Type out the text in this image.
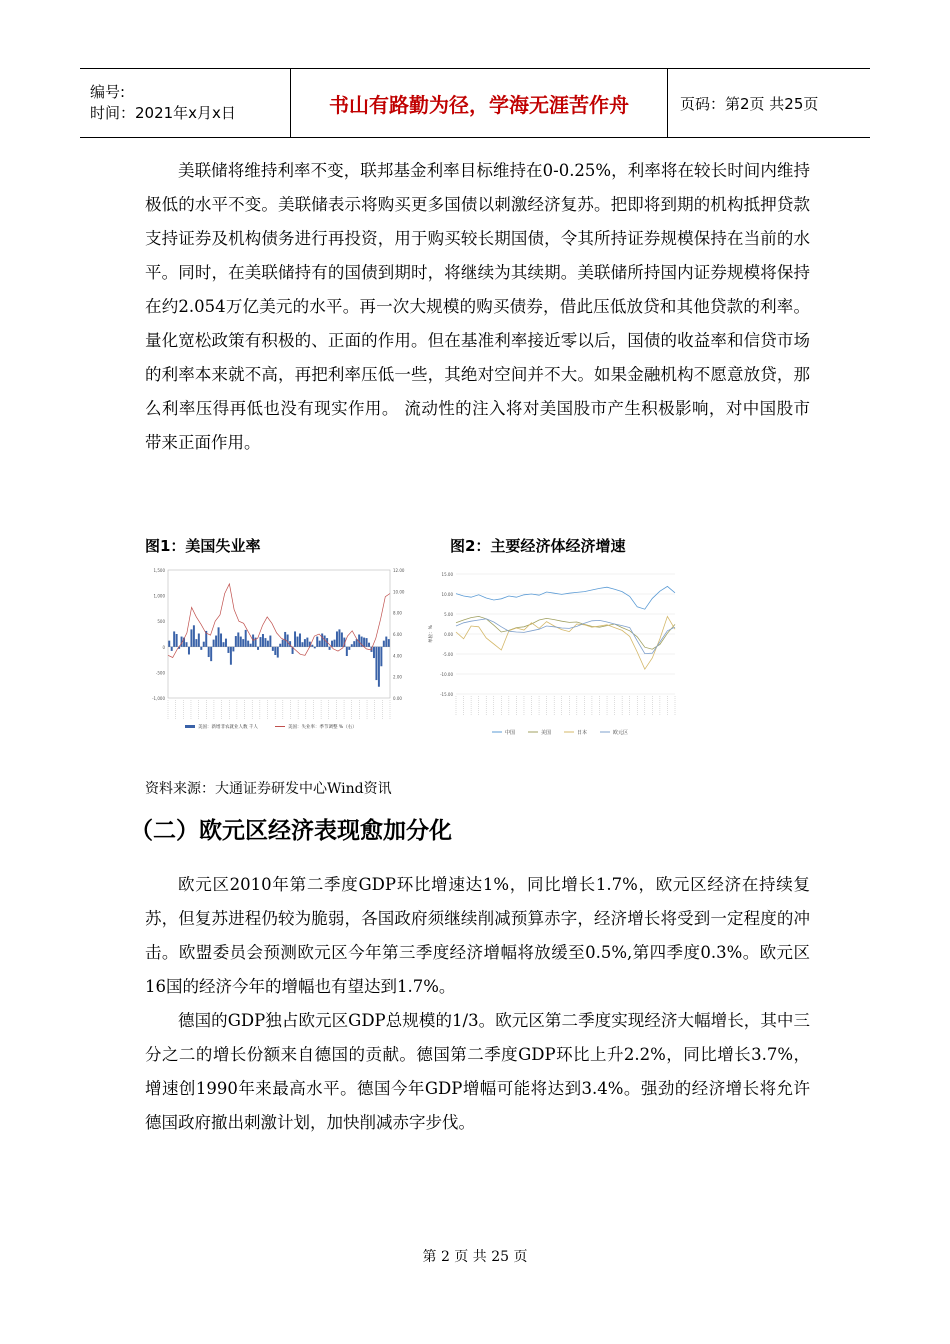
编号:
时间：2021年x月x日	书山有路勤为径，学海无涯苦作舟	页码：第2页 共25页

美联储将维持利率不变，联邦基金利率目标维持在0-0.25%，利率将在较长时间内维持极低的水平不变。美联储表示将购买更多国债以刺激经济复苏。把即将到期的机构抵押贷款支持证券及机构债务进行再投资，用于购买较长期国债，令其所持证券规模保持在当前的水平。同时，在美联储持有的国债到期时，将继续为其续期。美联储所持国内证券规模将保持在约2.054万亿美元的水平。再一次大规模的购买债券，借此压低放贷和其他贷款的利率。量化宽松政策有积极的、正面的作用。但在基准利率接近零以后，国债的收益率和信贷市场的利率本来就不高，再把利率压低一些，其绝对空间并不大。如果金融机构不愿意放贷，那么利率压得再低也没有现实作用。 流动性的注入将对美国股市产生积极影响，对中国股市带来正面作用。

图1：美国失业率	图2：主要经济体经济增速
1,500
1,000
500
0
-500
-1,000
12.00
10.00
8.00
6.00
4.00
2.00
0.00
美国：新增非农就业人数 千人	美国：失业率：季节调整 %（右）
15.00
10.00
5.00
0.00
-5.00
-10.00
-15.00
单位：%
中国	美国	日本	欧元区
资料来源：大通证券研发中心Wind资讯
（二）欧元区经济表现愈加分化

欧元区2010年第二季度GDP环比增速达1%，同比增长1.7%，欧元区经济在持续复苏，但复苏进程仍较为脆弱，各国政府须继续削减预算赤字，经济增长将受到一定程度的冲击。欧盟委员会预测欧元区今年第三季度经济增幅将放缓至0.5%,第四季度0.3%。欧元区16国的经济今年的增幅也有望达到1.7%。

德国的GDP独占欧元区GDP总规模的1/3。欧元区第二季度实现经济大幅增长，其中三分之二的增长份额来自德国的贡献。德国第二季度GDP环比上升2.2%，同比增长3.7%，增速创1990年来最高水平。德国今年GDP增幅可能将达到3.4%。强劲的经济增长将允许德国政府撤出刺激计划，加快削减赤字步伐。

第 2 页 共 25 页
